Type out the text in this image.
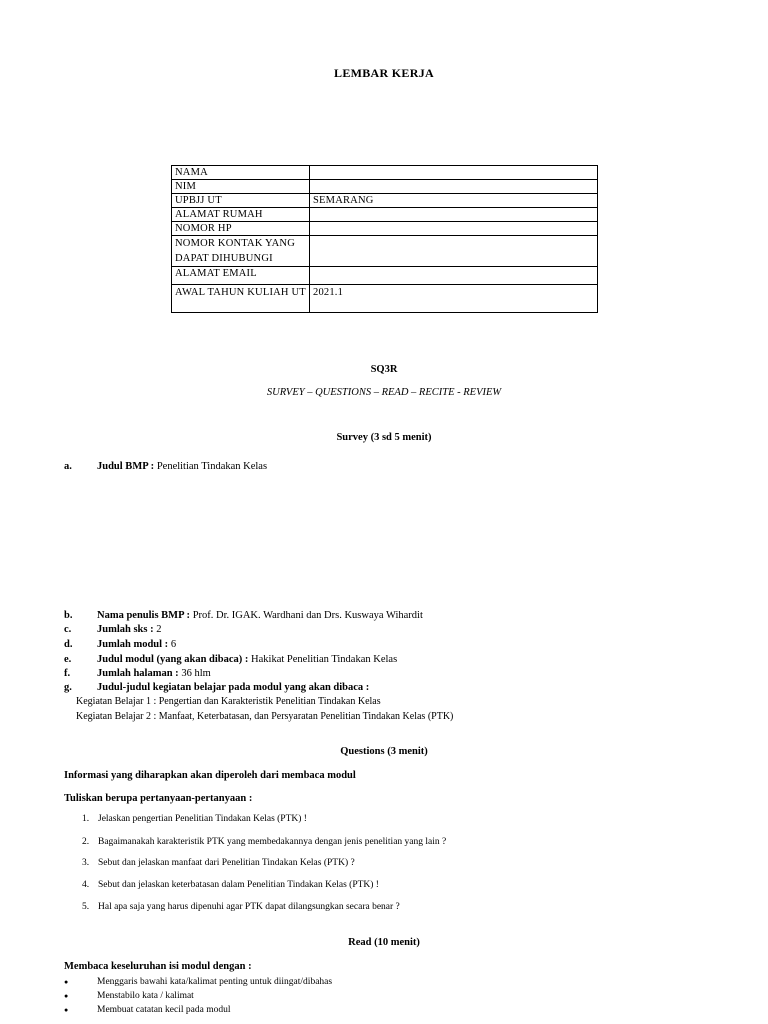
LEMBAR KERJA
NAMA	
NIM	
UPBJJ UT	SEMARANG
ALAMAT RUMAH	
NOMOR HP	
NOMOR KONTAK YANG DAPAT DIHUBUNGI	
ALAMAT EMAIL	
AWAL TAHUN KULIAH UT	2021.1
SQ3R
SURVEY – QUESTIONS – READ – RECITE - REVIEW
Survey (3 sd 5 menit)
a. Judul BMP : Penelitian Tindakan Kelas
b. Nama penulis BMP : Prof. Dr. IGAK. Wardhani dan Drs. Kuswaya Wihardit
c. Jumlah sks : 2
d. Jumlah modul : 6
e. Judul modul (yang akan dibaca) : Hakikat Penelitian Tindakan Kelas
f.	Jumlah halaman : 36 hlm
g. Judul-judul kegiatan belajar pada modul yang akan dibaca :
Kegiatan Belajar 1 : Pengertian dan Karakteristik Penelitian Tindakan Kelas
Kegiatan Belajar 2 : Manfaat, Keterbatasan, dan Persyaratan Penelitian Tindakan Kelas (PTK)
Questions (3 menit)
Informasi yang diharapkan akan diperoleh dari membaca modul
Tuliskan berupa pertanyaan-pertanyaan :
1. Jelaskan pengertian Penelitian Tindakan Kelas (PTK) !
2. Bagaimanakah karakteristik PTK yang membedakannya dengan jenis penelitian yang lain ?
3. Sebut dan jelaskan manfaat dari Penelitian Tindakan Kelas (PTK) ?
4. Sebut dan jelaskan keterbatasan dalam Penelitian Tindakan Kelas (PTK) !
5. Hal apa saja yang harus dipenuhi agar PTK dapat dilangsungkan secara benar ?
Read (10 menit)
Membaca keseluruhan isi modul dengan :
●	Menggaris bawahi kata/kalimat penting untuk diingat/dibahas
●	Menstabilo kata / kalimat
●	Membuat catatan kecil pada modul
